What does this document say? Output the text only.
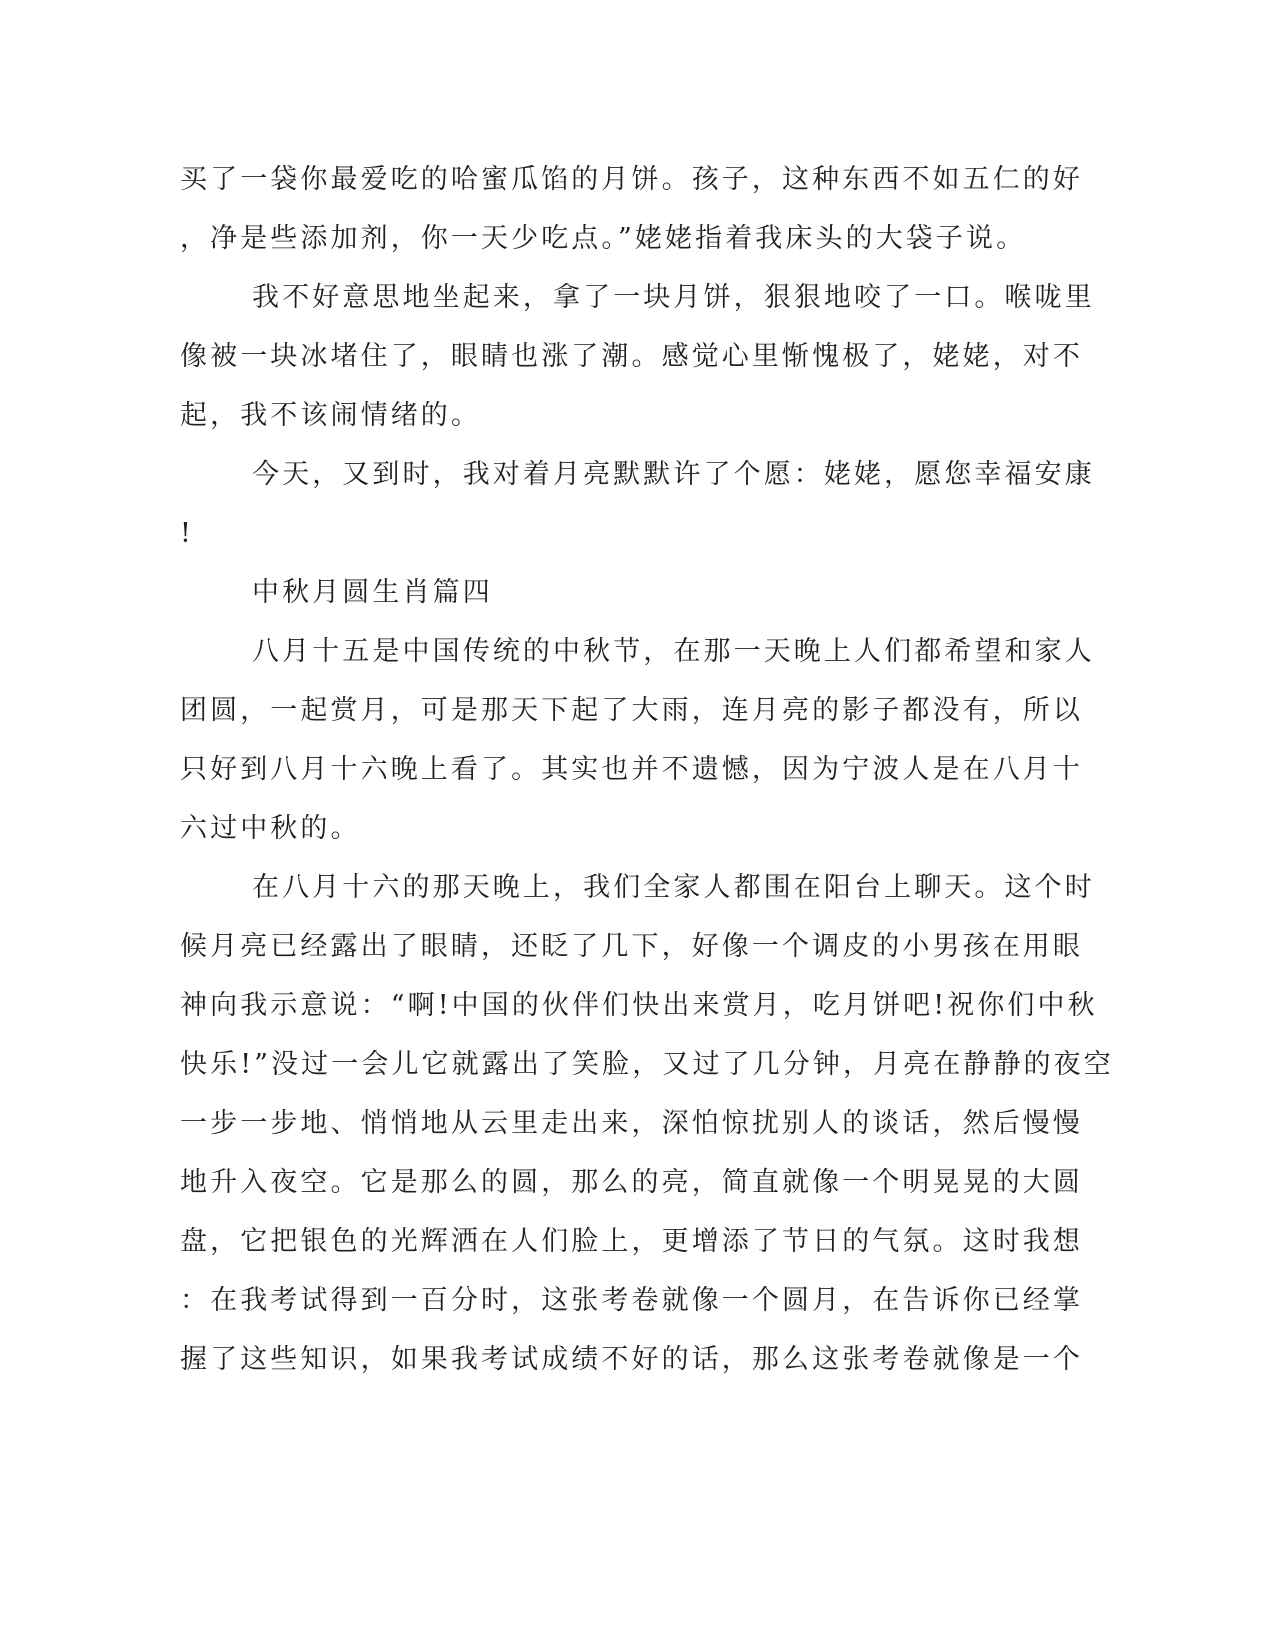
买了一袋你最爱吃的哈蜜瓜馅的月饼。孩子，这种东西不如五仁的好
，净是些添加剂，你一天少吃点。”姥姥指着我床头的大袋子说。
我不好意思地坐起来，拿了一块月饼，狠狠地咬了一口。喉咙里
像被一块冰堵住了，眼睛也涨了潮。感觉心里惭愧极了，姥姥，对不
起，我不该闹情绪的。
今天，又到时，我对着月亮默默许了个愿：姥姥，愿您幸福安康
!
中秋月圆生肖篇四
八月十五是中国传统的中秋节，在那一天晚上人们都希望和家人
团圆，一起赏月，可是那天下起了大雨，连月亮的影子都没有，所以
只好到八月十六晚上看了。其实也并不遗憾，因为宁波人是在八月十
六过中秋的。
在八月十六的那天晚上，我们全家人都围在阳台上聊天。这个时
候月亮已经露出了眼睛，还眨了几下，好像一个调皮的小男孩在用眼
神向我示意说：“啊!中国的伙伴们快出来赏月，吃月饼吧!祝你们中秋
快乐!”没过一会儿它就露出了笑脸，又过了几分钟，月亮在静静的夜空
一步一步地、悄悄地从云里走出来，深怕惊扰别人的谈话，然后慢慢
地升入夜空。它是那么的圆，那么的亮，简直就像一个明晃晃的大圆
盘，它把银色的光辉洒在人们脸上，更增添了节日的气氛。这时我想
：在我考试得到一百分时，这张考卷就像一个圆月，在告诉你已经掌
握了这些知识，如果我考试成绩不好的话，那么这张考卷就像是一个
